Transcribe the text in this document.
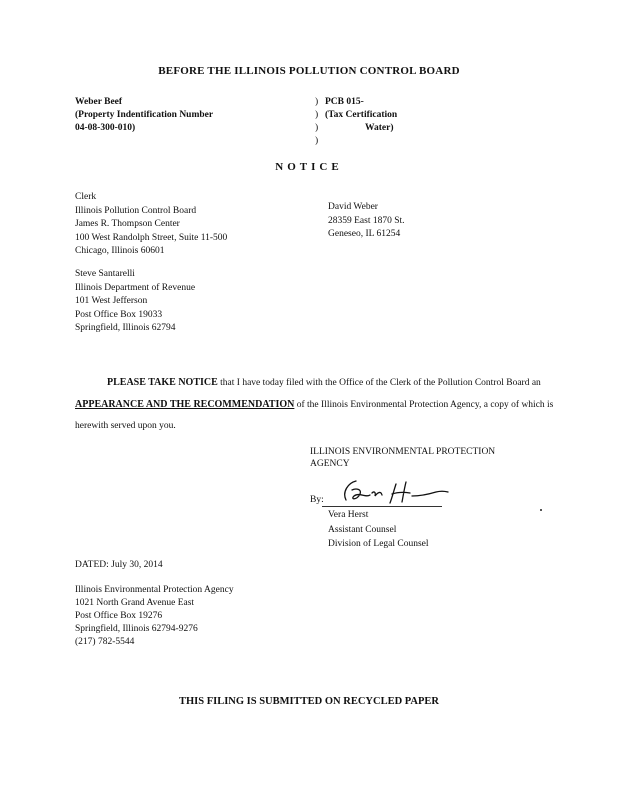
BEFORE THE ILLINOIS POLLUTION CONTROL BOARD
Weber Beef
(Property Indentification Number
04-08-300-010)
)
)
)
)
PCB 015-
(Tax Certification
Water)
NOTICE
Clerk
Illinois Pollution Control Board
James R. Thompson Center
100 West Randolph Street, Suite 11-500
Chicago, Illinois 60601
David Weber
28359 East 1870 St.
Geneseo, IL 61254
Steve Santarelli
Illinois Department of Revenue
101 West Jefferson
Post Office Box 19033
Springfield, Illinois 62794
PLEASE TAKE NOTICE that I have today filed with the Office of the Clerk of the Pollution Control Board an APPEARANCE AND THE RECOMMENDATION of the Illinois Environmental Protection Agency, a copy of which is herewith served upon you.
ILLINOIS ENVIRONMENTAL PROTECTION
AGENCY
By:
Vera Herst
Assistant Counsel
Division of Legal Counsel
DATED: July 30, 2014
Illinois Environmental Protection Agency
1021 North Grand Avenue East
Post Office Box 19276
Springfield, Illinois 62794-9276
(217) 782-5544
THIS FILING IS SUBMITTED ON RECYCLED PAPER
